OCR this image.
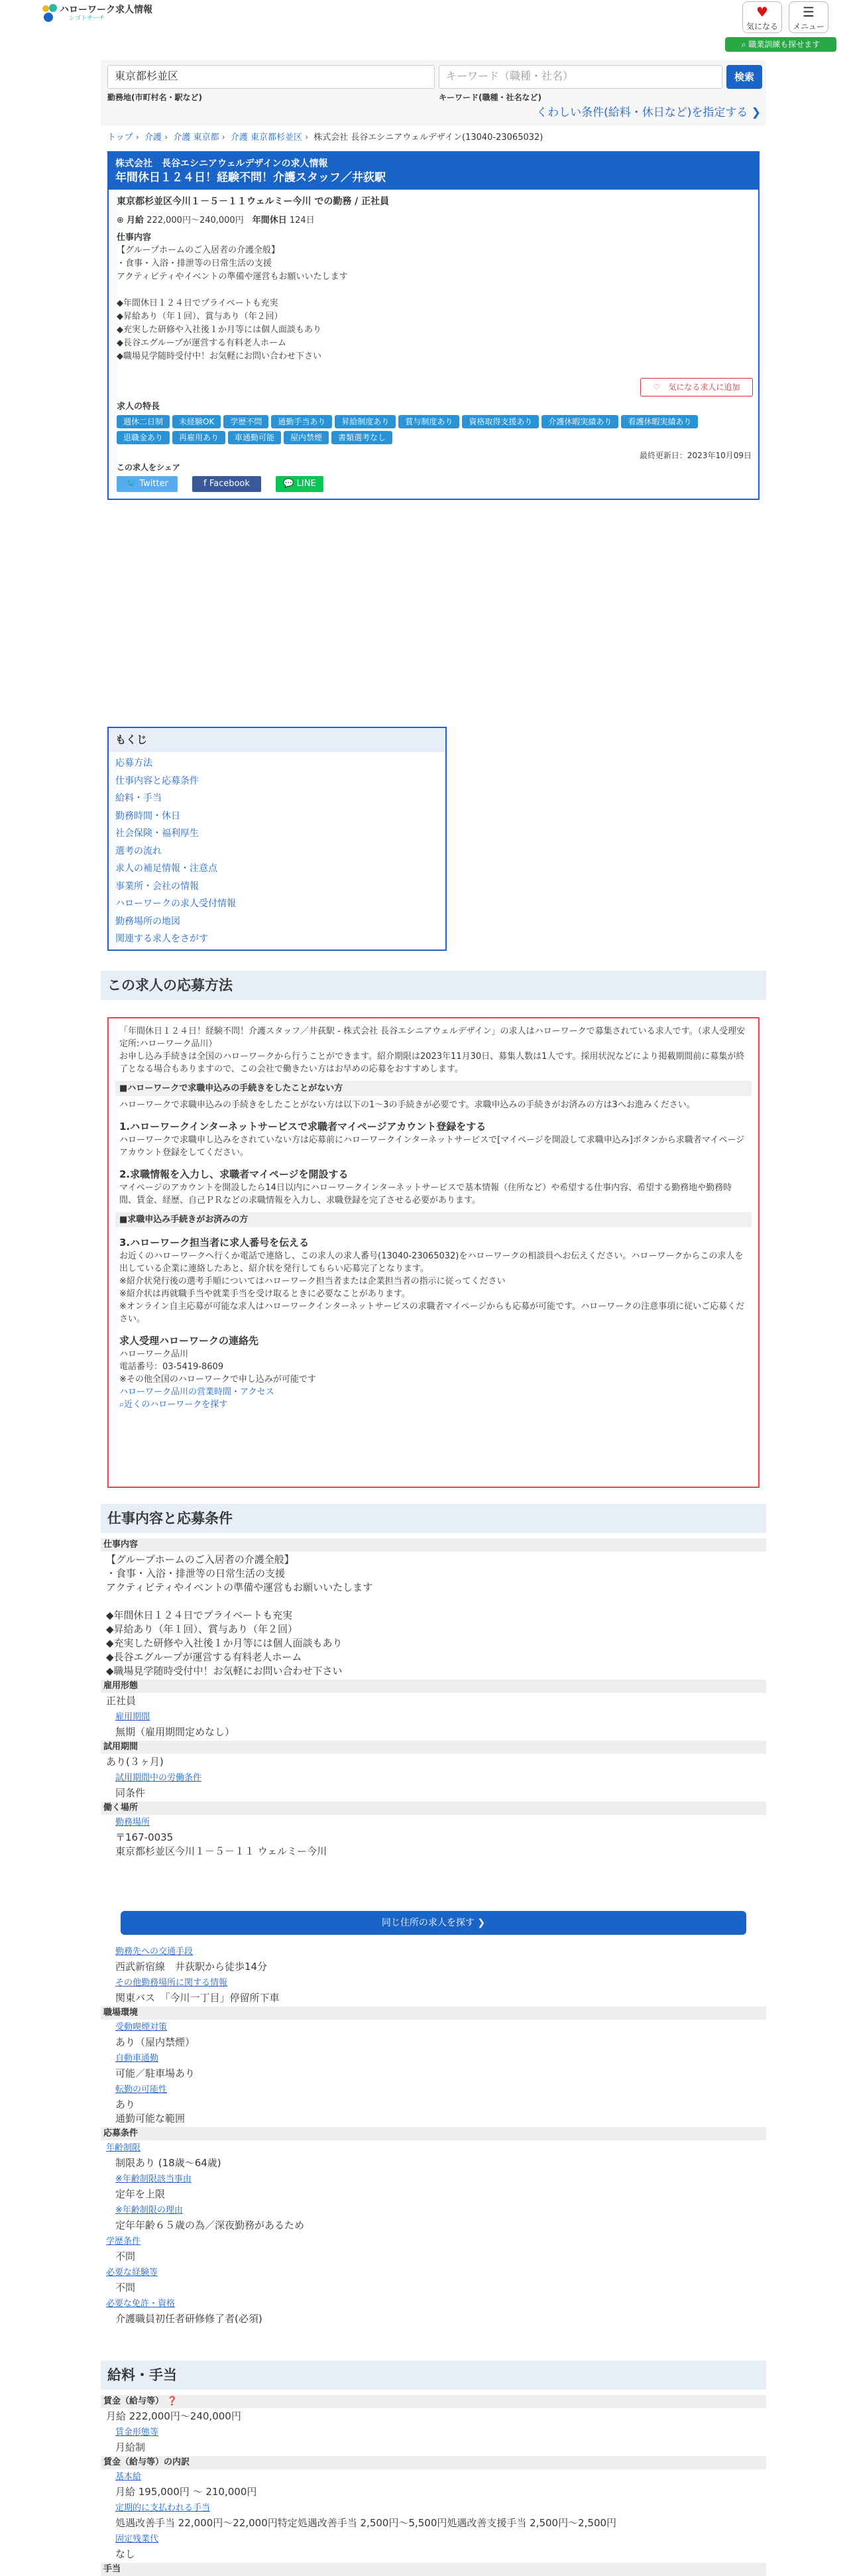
ハローワーク求人情報
シゴトサーチ	♥
気になる
☰
メニュー
⌕ 職業訓練も探せます
東京都杉並区	キーワード（職種・社名）	検索
勤務地(市町村名・駅など)	キーワード(職種・社名など)
くわしい条件(給料・休日など)を指定する ❯
トップ › 介護 › 介護 東京都 › 介護 東京都杉並区 › 株式会社 長谷エシニアウェルデザイン(13040-23065032)
株式会社　長谷エシニアウェルデザインの求人情報
年間休日１２４日！経験不問！介護スタッフ／井荻駅
東京都杉並区今川１－５－１１ウェルミー今川 での勤務 / 正社員
⊕ 月給 222,000円〜240,000円　 年間休日 124日
仕事内容
【グループホームのご入居者の介護全般】
・食事・入浴・排泄等の日常生活の支援
アクティビティやイベントの準備や運営もお願いいたします

◆年間休日１２４日でプライベートも充実
◆昇給あり（年１回）、賞与あり（年２回）
◆充実した研修や入社後１か月等には個人面談もあり
◆長谷エグループが運営する有料老人ホーム
◆職場見学随時受付中！お気軽にお問い合わせ下さい
♡　気になる求人に追加
求人の特長
週休二日制 未経験OK 学歴不問 通勤手当あり 昇給制度あり 賞与制度あり 資格取得支援あり 介護休暇実績あり 看護休暇実績あり退職金あり 再雇用あり 車通勤可能 屋内禁煙 書類選考なし
最終更新日：2023年10月09日
この求人をシェア
🐦 Twitter	f Facebook	💬 LINE
もくじ
応募方法
仕事内容と応募条件
給料・手当
勤務時間・休日
社会保険・福利厚生
選考の流れ
求人の補足情報・注意点
事業所・会社の情報
ハローワークの求人受付情報
勤務場所の地図
関連する求人をさがす
この求人の応募方法

「年間休日１２４日！経験不問！介護スタッフ／井荻駅 - 株式会社 長谷エシニアウェルデザイン」の求人はハローワークで募集されている求人です。（求人受理安定所:ハローワーク品川）

お申し込み手続きは全国のハローワークから行うことができます。紹介期限は2023年11月30日、募集人数は1人です。採用状況などにより掲載期間前に募集が終了となる場合もありますので、この会社で働きたい方はお早めの応募をおすすめします。

■ハローワークで求職申込みの手続きをしたことがない方

ハローワークで求職申込みの手続きをしたことがない方は以下の1〜3の手続きが必要です。求職申込みの手続きがお済みの方は3へお進みください。

1.ハローワークインターネットサービスで求職者マイページアカウント登録をする

ハローワークで求職申し込みをされていない方は応募前にハローワークインターネットサービスで[マイページを開設して求職申込み]ボタンから求職者マイページアカウント登録をしてください。

2.求職情報を入力し、求職者マイページを開設する

マイページのアカウントを開設したら14日以内にハローワークインターネットサービスで基本情報（住所など）や希望する仕事内容、希望する勤務地や勤務時間、賃金、経歴、自己ＰＲなどの求職情報を入力し、求職登録を完了させる必要があります。

■求職申込み手続きがお済みの方
3.ハローワーク担当者に求人番号を伝える

お近くのハローワークへ行くか電話で連絡し、この求人の求人番号(13040-23065032)をハローワークの相談員へお伝えください。ハローワークからこの求人を出している企業に連絡したあと、紹介状を発行してもらい応募完了となります。
※紹介状発行後の選考手順についてはハローワーク担当者または企業担当者の指示に従ってください
※紹介状は再就職手当や就業手当を受け取るときに必要なことがあります。
※オンライン自主応募が可能な求人はハローワークインターネットサービスの求職者マイページからも応募が可能です。ハローワークの注意事項に従いご応募ください。

求人受理ハローワークの連絡先

ハローワーク品川

電話番号：03-5419-8609

※その他全国のハローワークで申し込みが可能です

ハローワーク品川の営業時間・アクセス

⌕近くのハローワークを探す

仕事内容と応募条件
仕事内容
【グループホームのご入居者の介護全般】
・食事・入浴・排泄等の日常生活の支援
アクティビティやイベントの準備や運営もお願いいたします

◆年間休日１２４日でプライベートも充実
◆昇給あり（年１回）、賞与あり（年２回）
◆充実した研修や入社後１か月等には個人面談もあり
◆長谷エグループが運営する有料老人ホーム
◆職場見学随時受付中！お気軽にお問い合わせ下さい
雇用形態
正社員
雇用期間
無期（雇用期間定めなし）
試用期間
あり(３ヶ月)
試用期間中の労働条件
同条件
働く場所
勤務場所
〒167-0035
東京都杉並区今川１－５－１１ ウェルミー今川
同じ住所の求人を探す ❯
勤務先への交通手段
西武新宿線　井荻駅から徒歩14分
その他勤務場所に関する情報
関東バス　「今川一丁目」停留所下車
職場環境
受動喫煙対策
あり（屋内禁煙）
自動車通勤
可能／駐車場あり
転勤の可能性
あり
通勤可能な範囲
応募条件
年齢制限
制限あり (18歳〜64歳)
※年齢制限該当事由
定年を上限
※年齢制限の理由
定年年齢６５歳の為／深夜勤務があるため
学歴条件
不問
必要な経験等
不問
必要な免許・資格
介護職員初任者研修修了者(必須)
給料・手当
賃金（給与等） ❓
月給 222,000円〜240,000円
賃金形態等
月給制
賃金（給与等）の内訳
基本給
月給 195,000円 〜 210,000円
定期的に支払われる手当
処遇改善手当 22,000円〜22,000円特定処遇改善手当 2,500円〜5,500円処遇改善支援手当 2,500円〜2,500円
固定残業代
なし
手当
